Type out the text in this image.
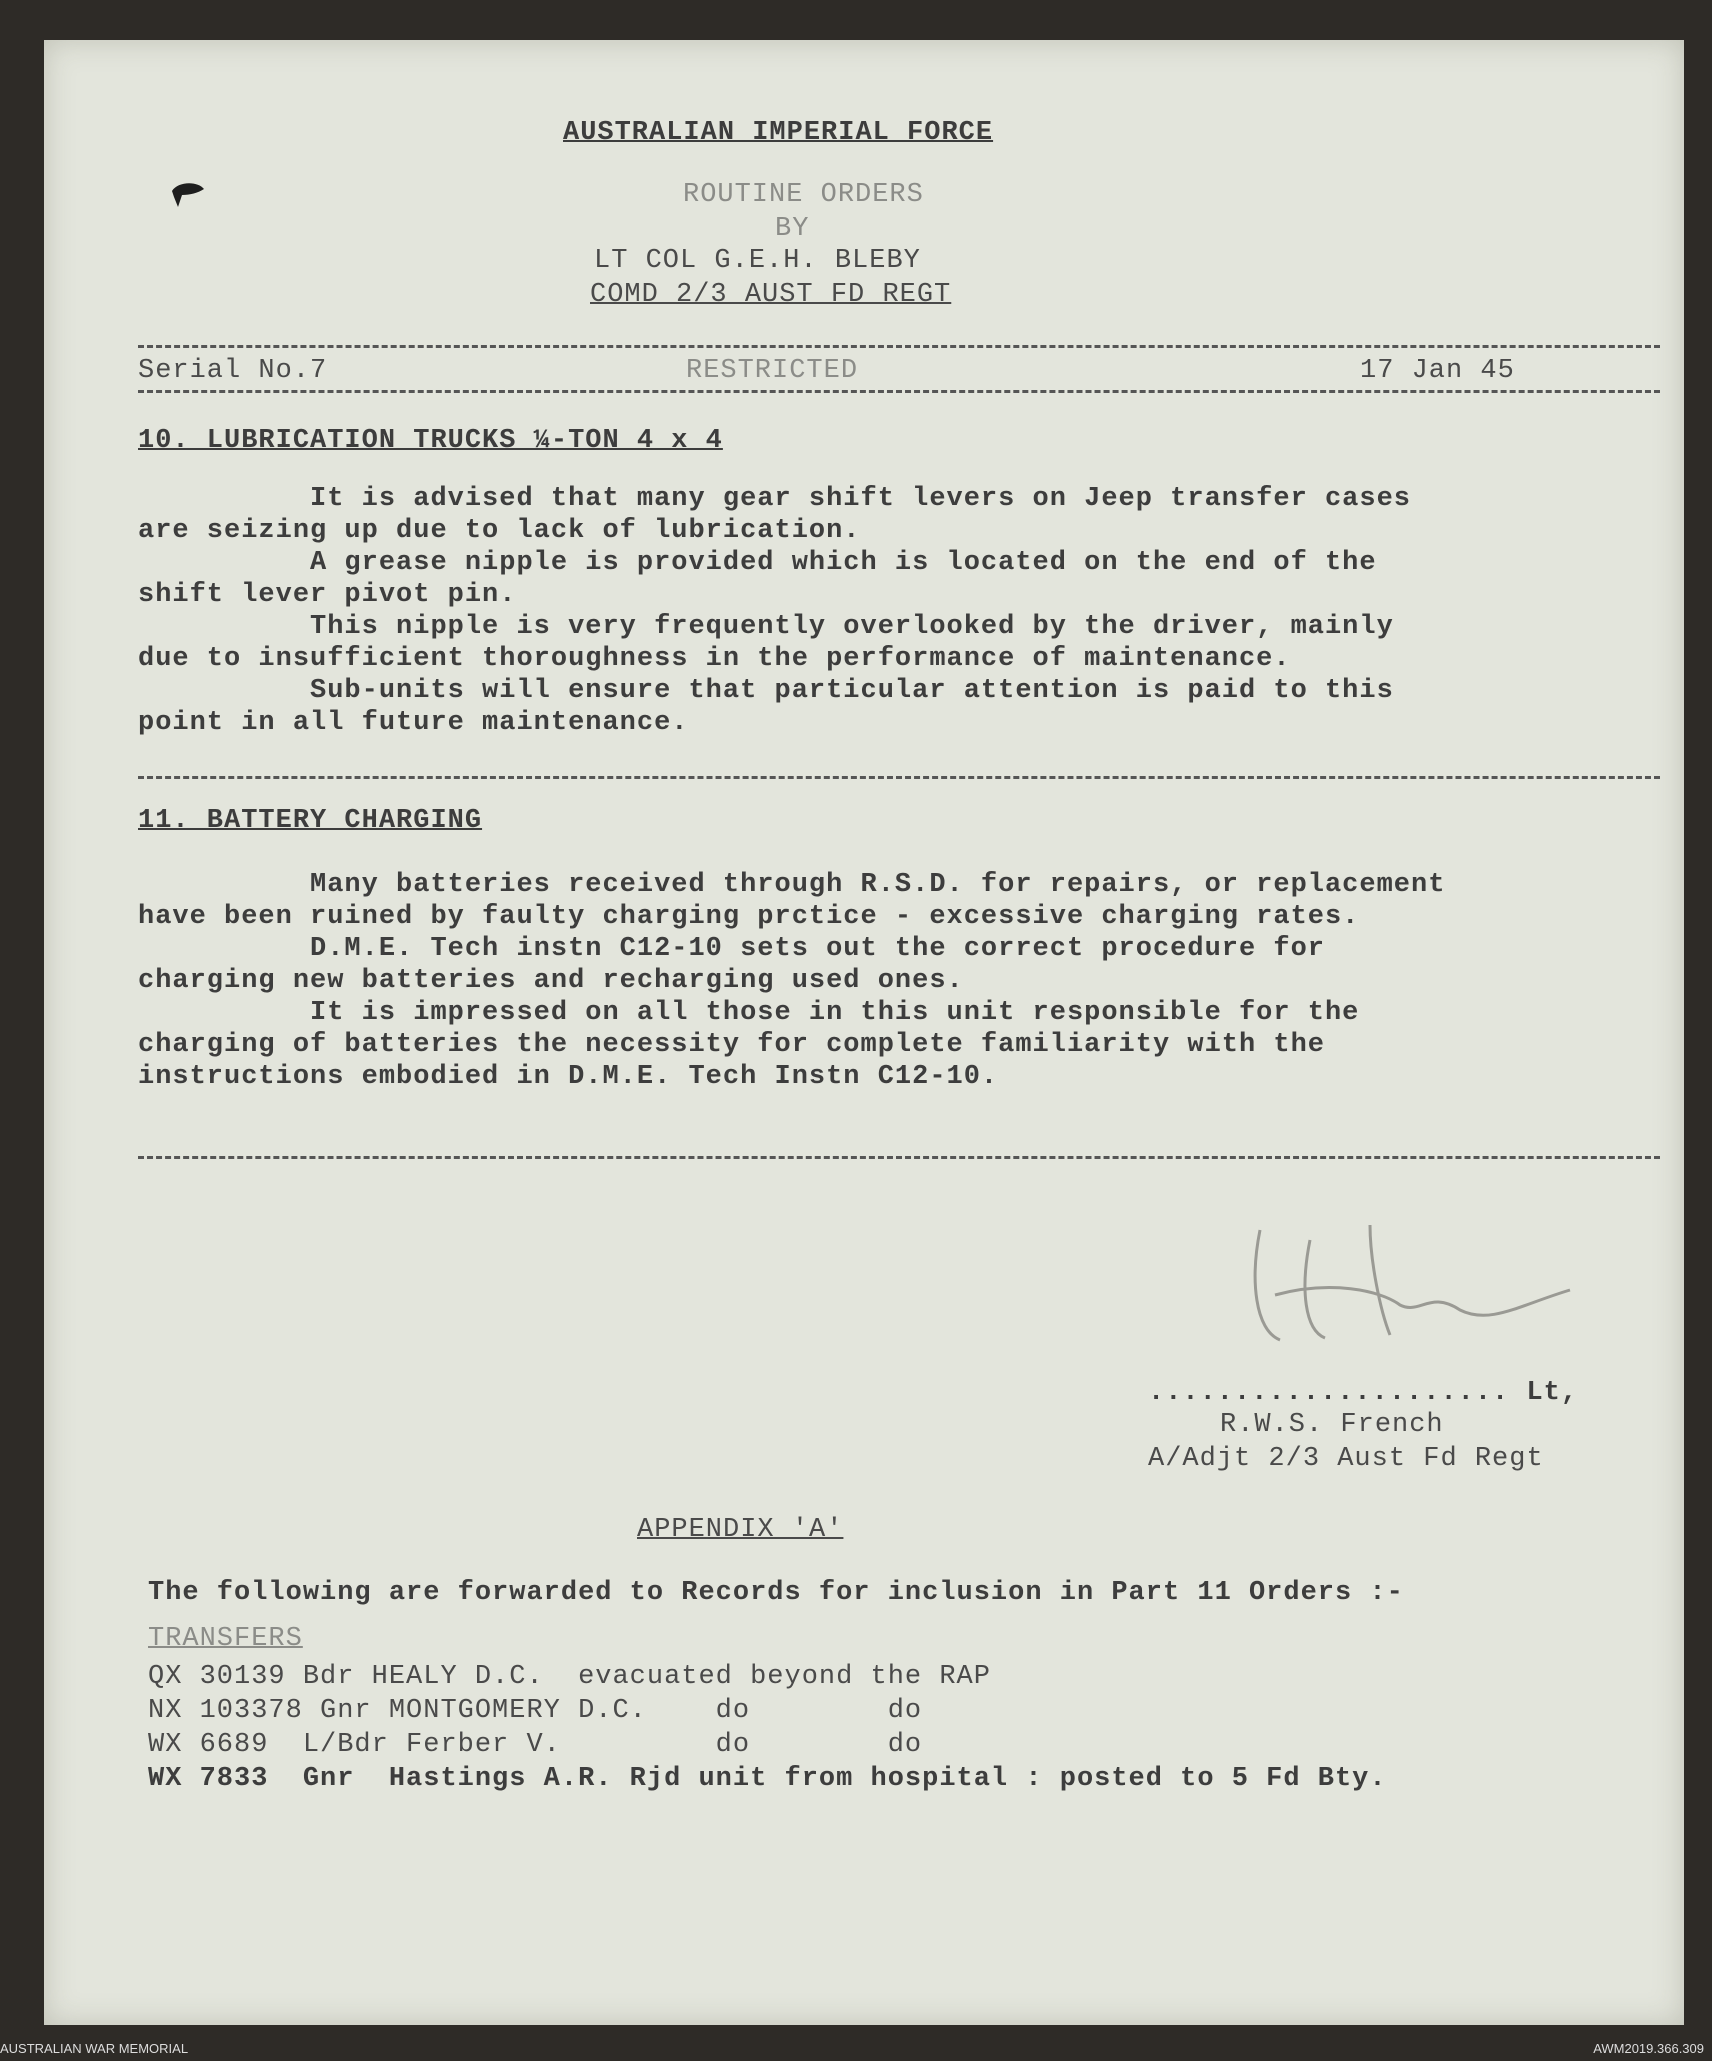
AUSTRALIAN IMPERIAL FORCE
ROUTINE ORDERS
BY
LT COL G.E.H. BLEBY
COMD 2/3 AUST FD REGT
Serial No.7	RESTRICTED	17 Jan 45
10. LUBRICATION TRUCKS ¼-TON 4 x 4
It is advised that many gear shift levers on Jeep transfer cases
are seizing up due to lack of lubrication.
A grease nipple is provided which is located on the end of the
shift lever pivot pin.
This nipple is very frequently overlooked by the driver, mainly
due to insufficient thoroughness in the performance of maintenance.
Sub-units will ensure that particular attention is paid to this
point in all future maintenance.
11. BATTERY CHARGING
Many batteries received through R.S.D. for repairs, or replacement
have been ruined by faulty charging prctice - excessive charging rates.
D.M.E. Tech instn C12-10 sets out the correct procedure for
charging new batteries and recharging used ones.
It is impressed on all those in this unit responsible for the
charging of batteries the necessity for complete familiarity with the
instructions embodied in D.M.E. Tech Instn C12-10.
..................... Lt,
R.W.S. French
A/Adjt 2/3 Aust Fd Regt
APPENDIX 'A'
The following are forwarded to Records for inclusion in Part 11 Orders :-
TRANSFERS
QX 30139 Bdr HEALY D.C.  evacuated beyond the RAP
NX 103378 Gnr MONTGOMERY D.C.    do        do
WX 6689  L/Bdr Ferber V.         do        do
WX 7833  Gnr  Hastings A.R. Rjd unit from hospital : posted to 5 Fd Bty.
AUSTRALIAN WAR MEMORIAL	AWM2019.366.309
